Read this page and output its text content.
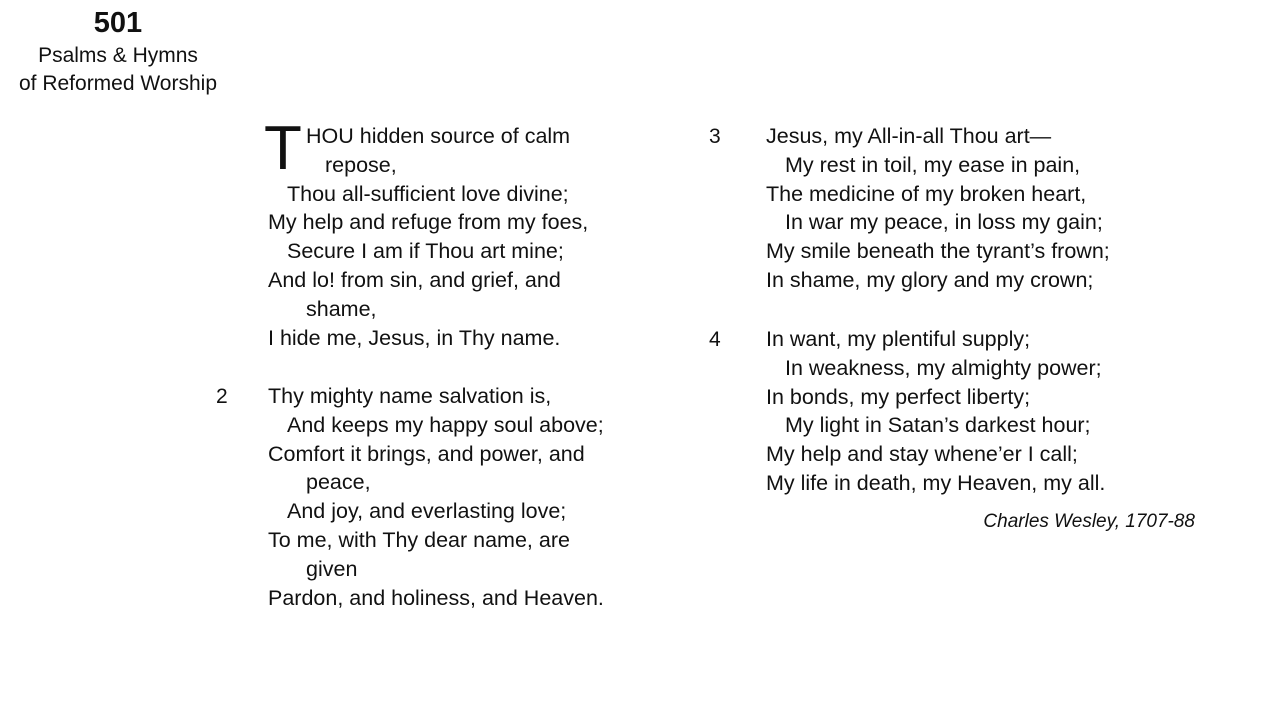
501
Psalms & Hymns
of Reformed Worship
T HOU hidden source of calm
repose,
Thou all-sufficient love divine;
My help and refuge from my foes,
Secure I am if Thou art mine;
And lo! from sin, and grief, and
shame,
I hide me, Jesus, in Thy name.
2 Thy mighty name salvation is,
And keeps my happy soul above;
Comfort it brings, and power, and
peace,
And joy, and everlasting love;
To me, with Thy dear name, are
given
Pardon, and holiness, and Heaven.
3 Jesus, my All-in-all Thou art—
My rest in toil, my ease in pain,
The medicine of my broken heart,
In war my peace, in loss my gain;
My smile beneath the tyrant’s frown;
In shame, my glory and my crown;
4 In want, my plentiful supply;
In weakness, my almighty power;
In bonds, my perfect liberty;
My light in Satan’s darkest hour;
My help and stay whene’er I call;
My life in death, my Heaven, my all.
Charles Wesley, 1707-88
